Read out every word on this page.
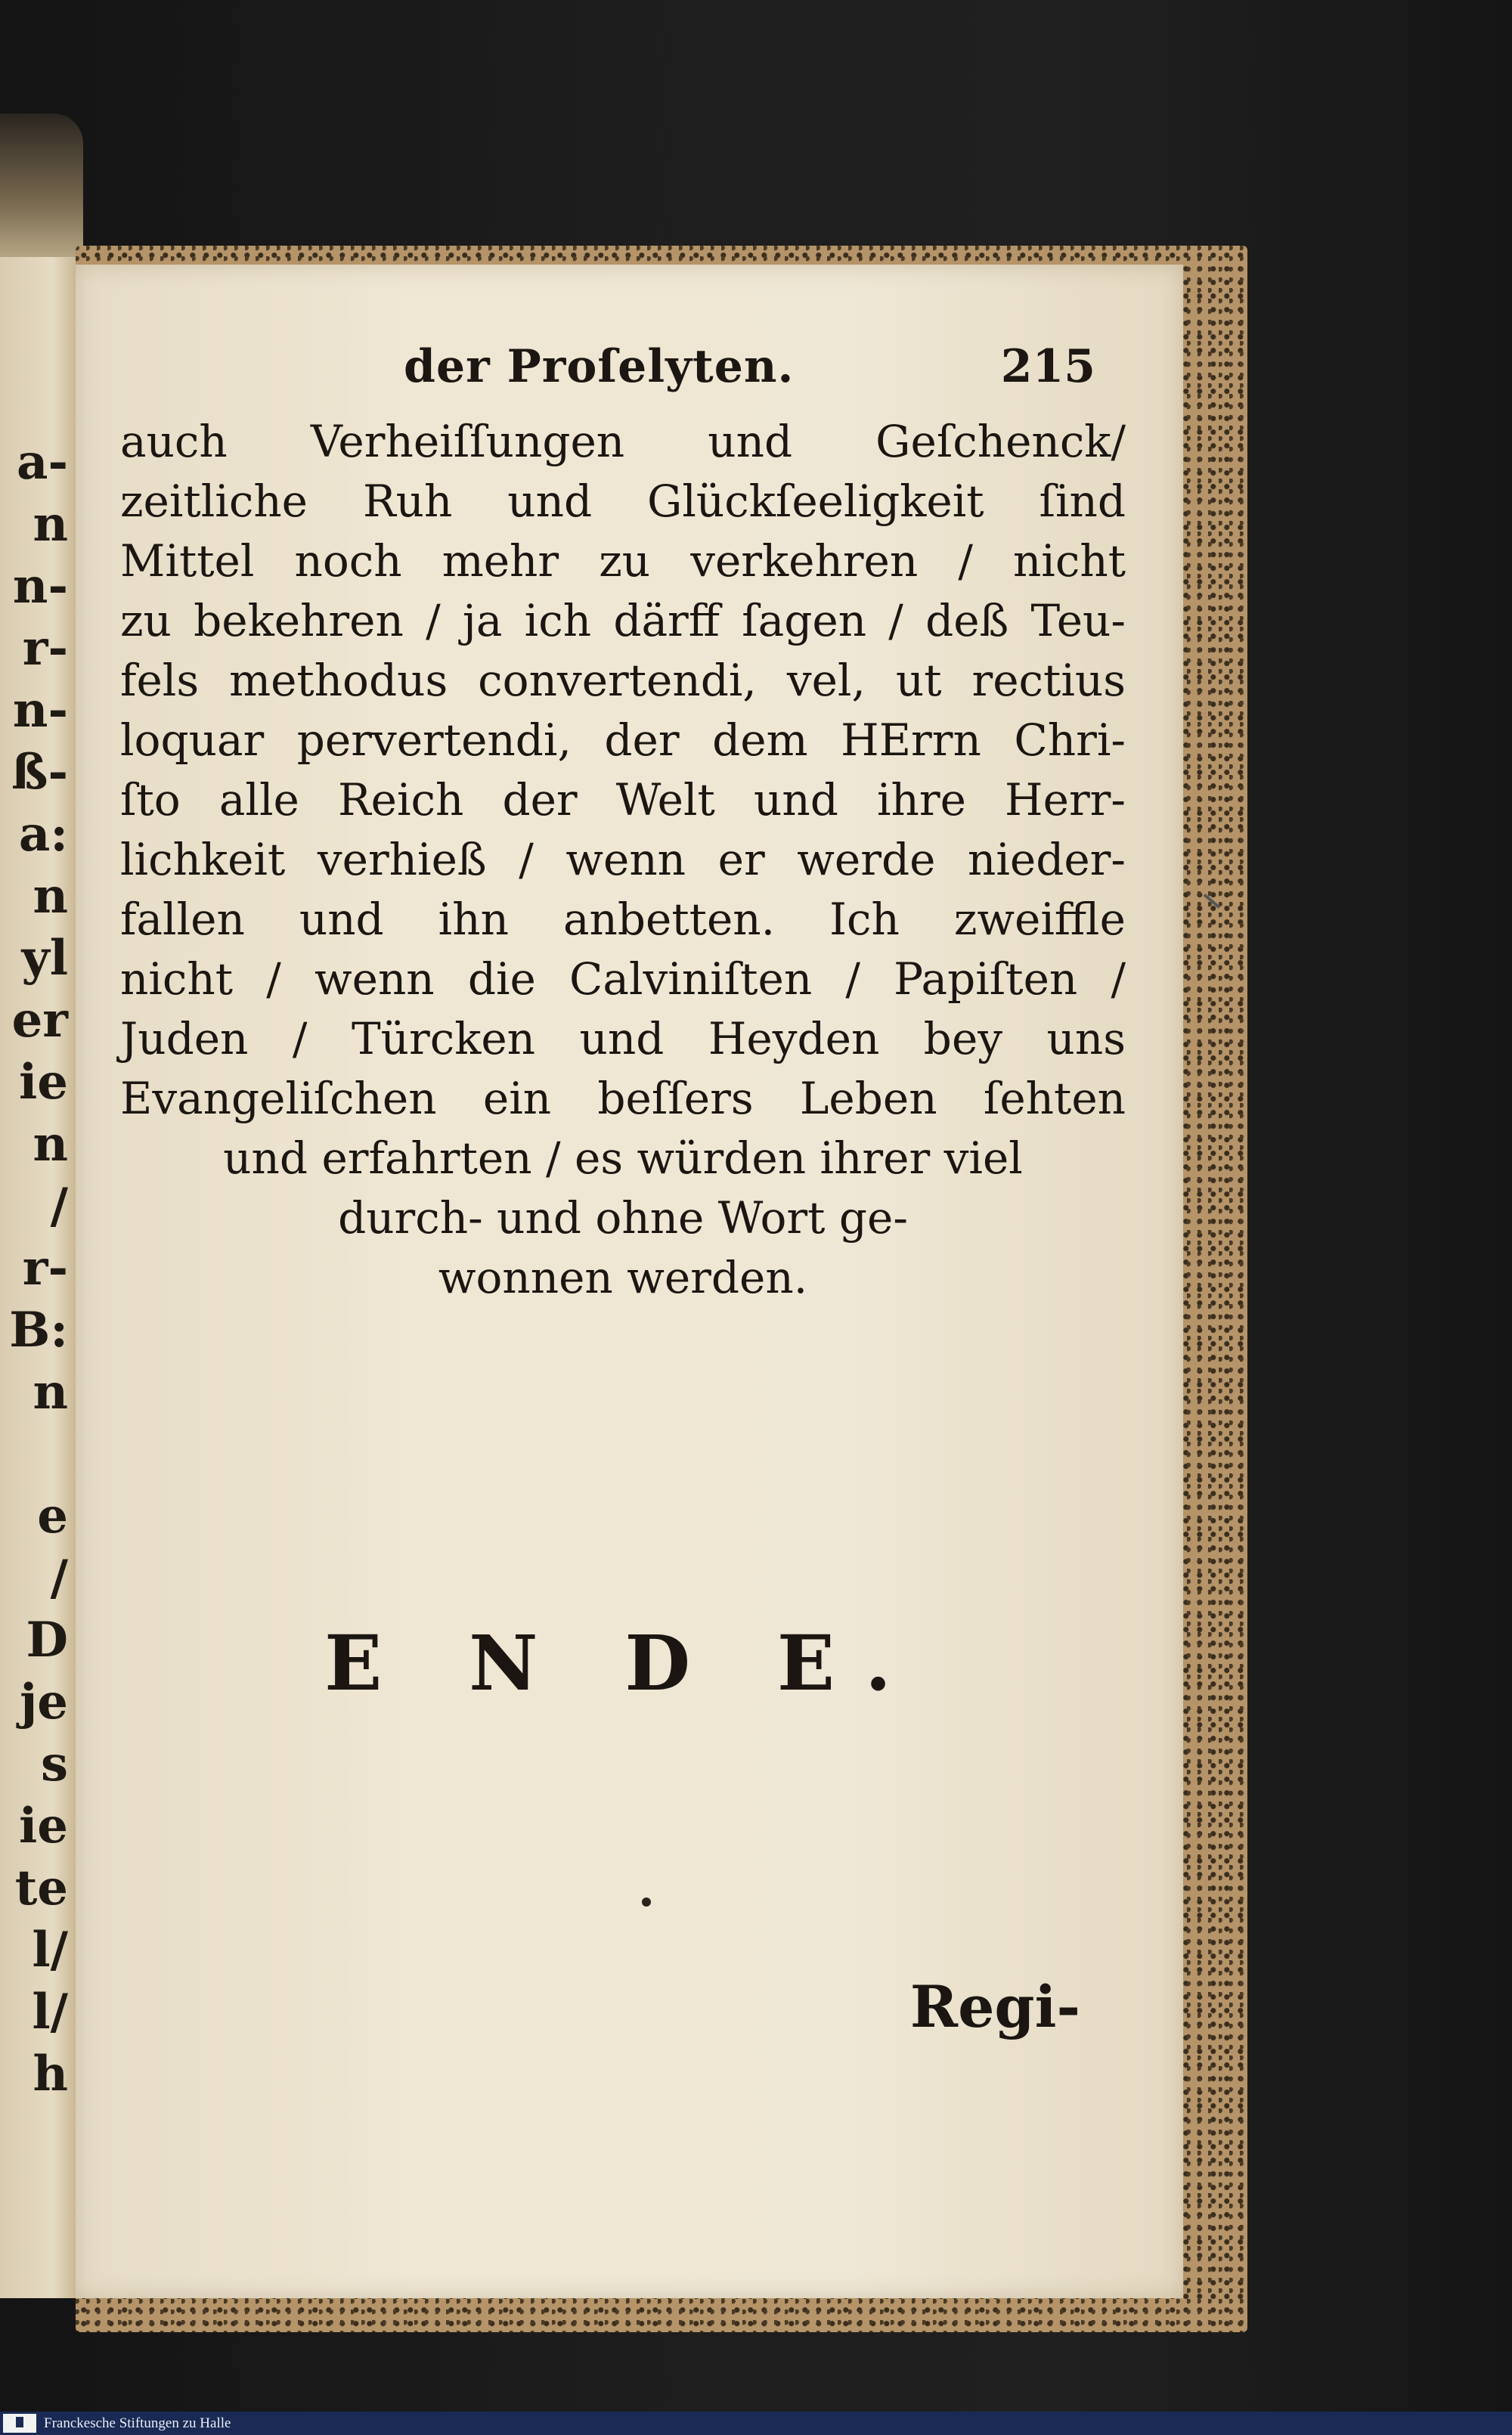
a-
n
n-
r-
n-
ß-
a:
n
yl
er
ie
n
/
r-
B:
n
e
/
D
je
s
ie
te
l/
l/
h
der Proſelyten.	215
auch Verheiſſungen und Geſchenck/
zeitliche Ruh und Glückſeeligkeit ſind
Mittel noch mehr zu verkehren / nicht
zu bekehren / ja ich därff ſagen / deß Teu-
fels methodus convertendi, vel, ut rectius
loquar pervertendi, der dem HErrn Chri-
ſto alle Reich der Welt und ihre Herr-
lichkeit verhieß / wenn er werde nieder-
fallen und ihn anbetten. Ich zweiffle
nicht / wenn die Calviniſten / Papiſten /
Juden / Türcken und Heyden bey uns
Evangeliſchen ein beſſers Leben ſehten
und erfahrten / es würden ihrer viel
durch- und ohne Wort ge-
wonnen werden.
E N D E.
Regi-
Franckesche Stiftungen zu Halle
